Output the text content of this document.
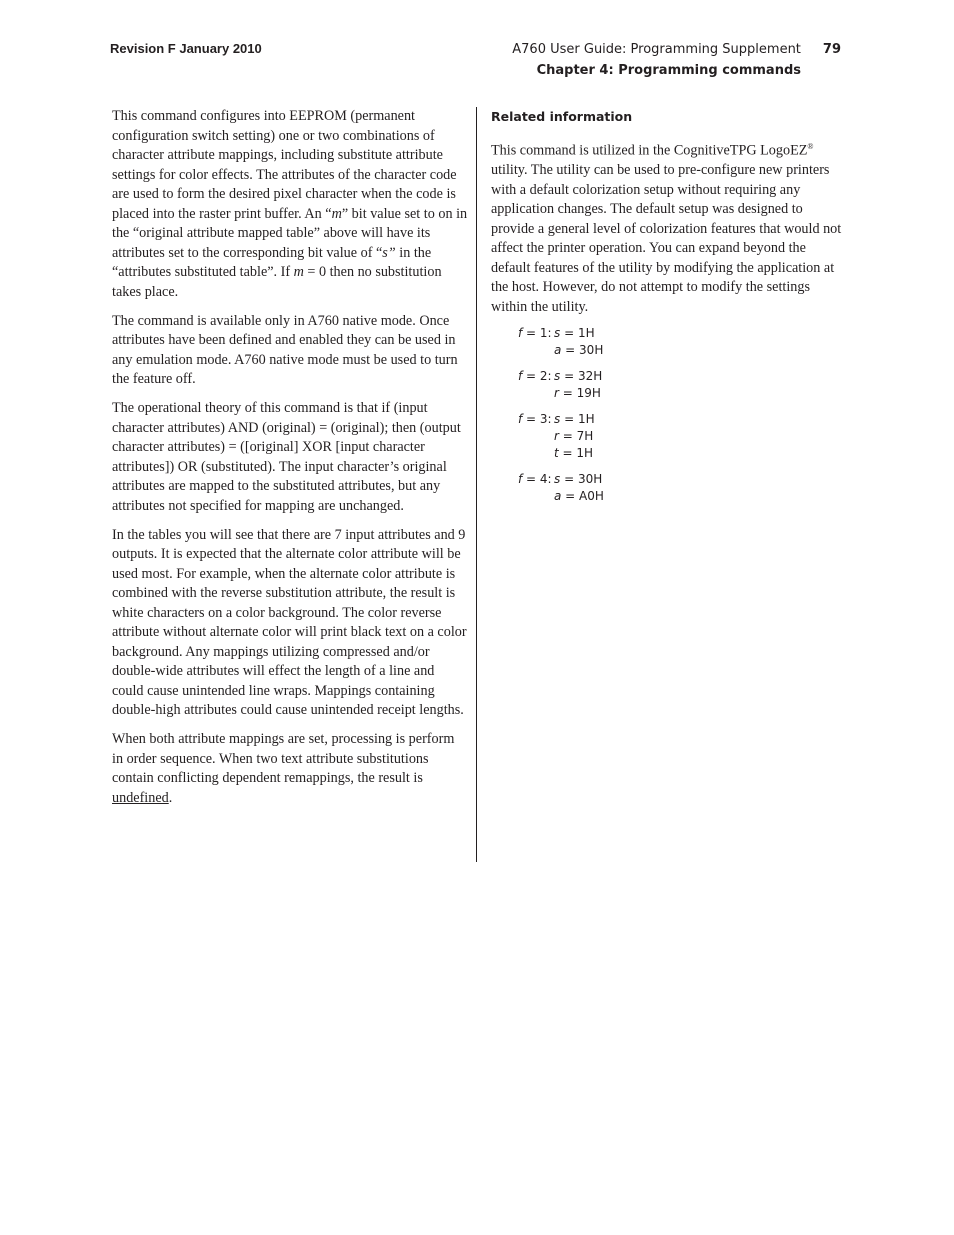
Revision F January 2010	A760 User Guide: Programming Supplement 79
Chapter 4: Programming commands

This command configures into EEPROM (permanent configuration switch setting) one or two combinations of character attribute mappings, including substitute attribute settings for color effects. The attributes of the character code are used to form the desired pixel character when the code is placed into the raster print buffer. An “m” bit value set to on in the “original attribute mapped table” above will have its attributes set to the corresponding bit value of “s” in the “attributes substituted table”. If m = 0 then no substitution takes place.

The command is available only in A760 native mode. Once attributes have been defined and enabled they can be used in any emulation mode. A760 native mode must be used to turn the feature off.

The operational theory of this command is that if (input character attributes) AND (original) = (original); then (output character attributes) = ([original] XOR [input character attributes]) OR (substituted). The input character’s original attributes are mapped to the substituted attributes, but any attributes not specified for mapping are unchanged.

In the tables you will see that there are 7 input attributes and 9 outputs. It is expected that the alternate color attribute will be used most. For example, when the alternate color attribute is combined with the reverse substitution attribute, the result is white characters on a color background. The color reverse attribute without alternate color will print black text on a color background. Any mappings utilizing compressed and/or double-wide attributes will effect the length of a line and could cause unintended line wraps. Mappings containing double-high attributes could cause unintended receipt lengths.

When both attribute mappings are set, processing is perform in order sequence. When two text attribute substitutions contain conflicting dependent remappings, the result is undefined.

Related information

This command is utilized in the CognitiveTPG LogoEZ® utility. The utility can be used to pre-configure new printers with a default colorization setup without requiring any application changes. The default setup was designed to provide a general level of colorization features that would not affect the printer operation. You can expand beyond the default features of the utility by modifying the application at the host. However, do not attempt to modify the settings within the utility.

f = 1: s = 1H
a = 30H
f = 2: s = 32H
r = 19H
f = 3: s = 1H
r = 7H
t = 1H
f = 4: s = 30H
a = A0H
